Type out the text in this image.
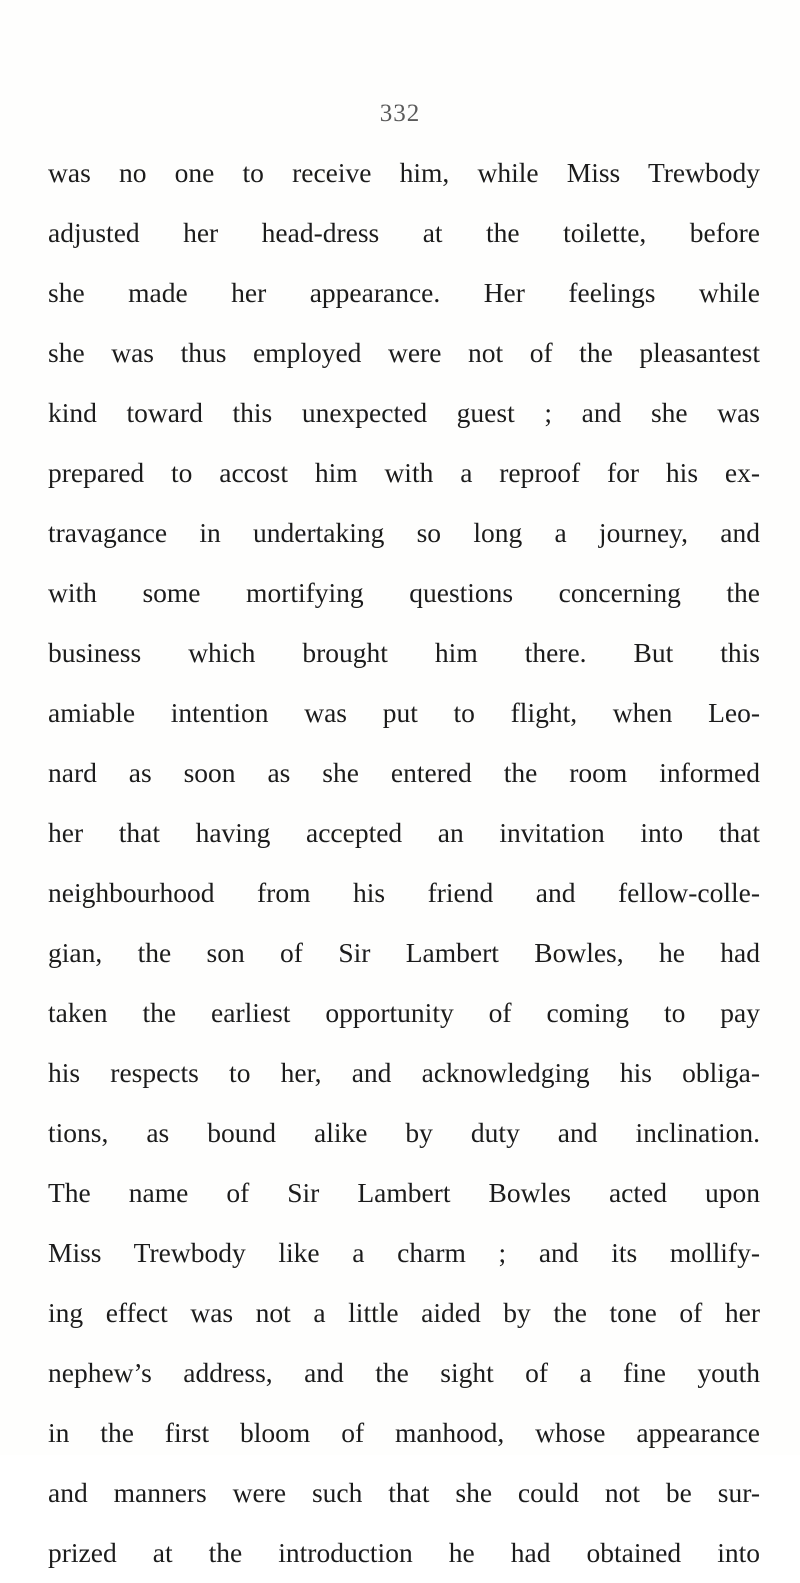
332
was no one to receive him, while Miss Trewbody
adjusted her head-dress at the toilette, before
she made her appearance. Her feelings while
she was thus employed were not of the pleasantest
kind toward this unexpected guest ; and she was
prepared to accost him with a reproof for his ex-
travagance in undertaking so long a journey, and
with some mortifying questions concerning the
business which brought him there. But this
amiable intention was put to flight, when Leo-
nard as soon as she entered the room informed
her that having accepted an invitation into that
neighbourhood from his friend and fellow-colle-
gian, the son of Sir Lambert Bowles, he had
taken the earliest opportunity of coming to pay
his respects to her, and acknowledging his obliga-
tions, as bound alike by duty and inclination.
The name of Sir Lambert Bowles acted upon
Miss Trewbody like a charm ; and its mollify-
ing effect was not a little aided by the tone of her
nephew’s address, and the sight of a fine youth
in the first bloom of manhood, whose appearance
and manners were such that she could not be sur-
prized at the introduction he had obtained into
